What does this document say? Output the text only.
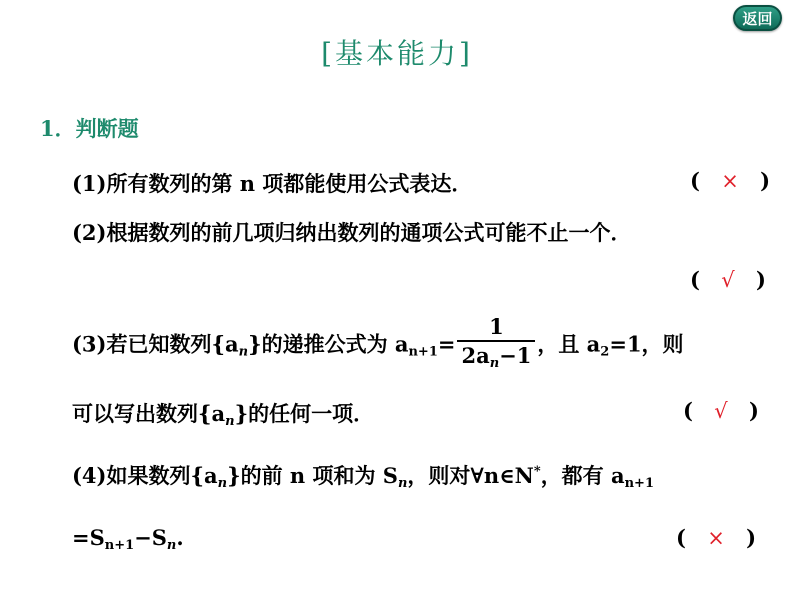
返回
[基本能力]
1．判断题
(1)所有数列的第 n 项都能使用公式表达．	( × )
(2)根据数列的前几项归纳出数列的通项公式可能不止一个．
( √ )
(3)若已知数列$\{a_n\}$的递推公式为 $a_{n+1}= \frac{1}{2a_n-1}$ ，且 $a_2=1$，则
可以写出数列$\{a_n\}$的任何一项．	( √ )
(4)如果数列$\{a_n\}$的前 n 项和为 $S_n$，则对∀n∈N*，都有 $a_{n+1}$
$=S_{n+1}-S_n$.	( × )
